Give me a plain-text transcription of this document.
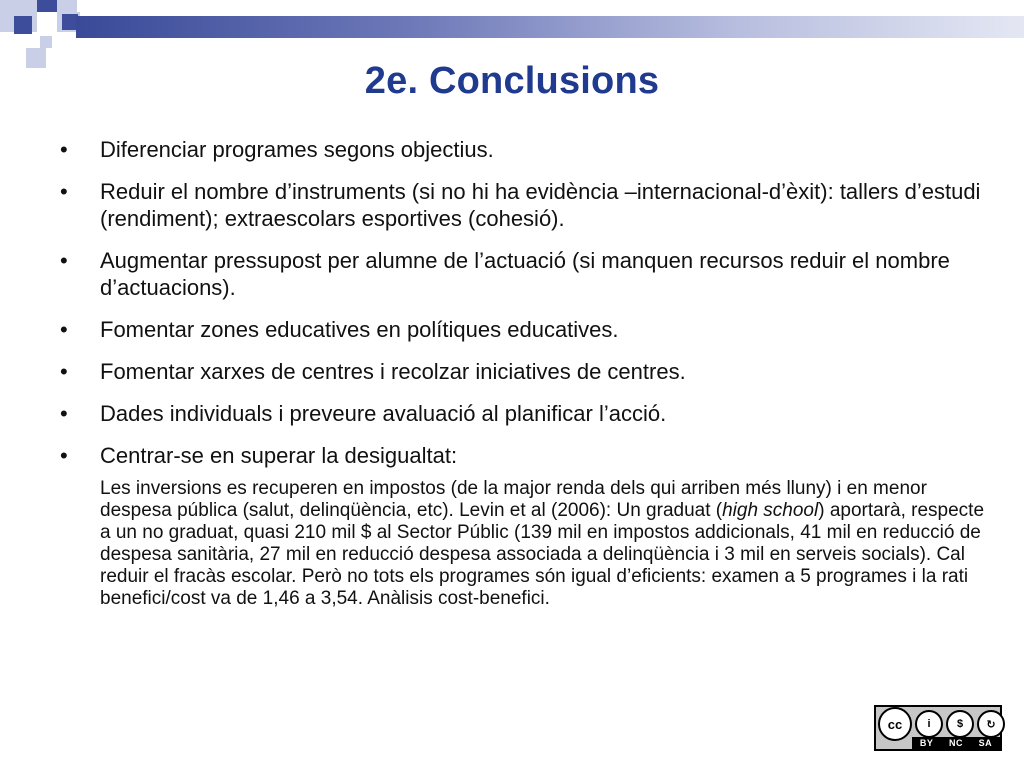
2e. Conclusions
•	Diferenciar programes segons objectius.
•	Reduir el nombre d’instruments (si no hi ha evidència –internacional-d’èxit): tallers d’estudi (rendiment); extraescolars esportives (cohesió).
•	Augmentar pressupost per alumne de l’actuació (si manquen recursos reduir el nombre d’actuacions).
•	Fomentar zones educatives en polítiques educatives.
•	Fomentar xarxes de centres i recolzar iniciatives de centres.
•	Dades individuals i preveure avaluació al planificar l’acció.
•	Centrar-se en superar la desigualtat:

Les inversions es recuperen en impostos (de la major renda dels qui arriben més lluny) i en menor despesa pública (salut, delinqüència, etc). Levin et al (2006): Un graduat (high school) aportarà, respecte a un no graduat, quasi 210 mil $ al Sector Públic (139 mil en impostos addicionals, 41 mil en reducció de despesa sanitària, 27 mil en reducció despesa associada a delinqüència i 3 mil en serveis socials). Cal reduir el fracàs escolar. Però no tots els programes són igual d’eficients: examen a 5 programes i la rati benefici/cost va de 1,46 a 3,54. Anàlisis cost-benefici.

cc	i	$	↻
BY NC SA
